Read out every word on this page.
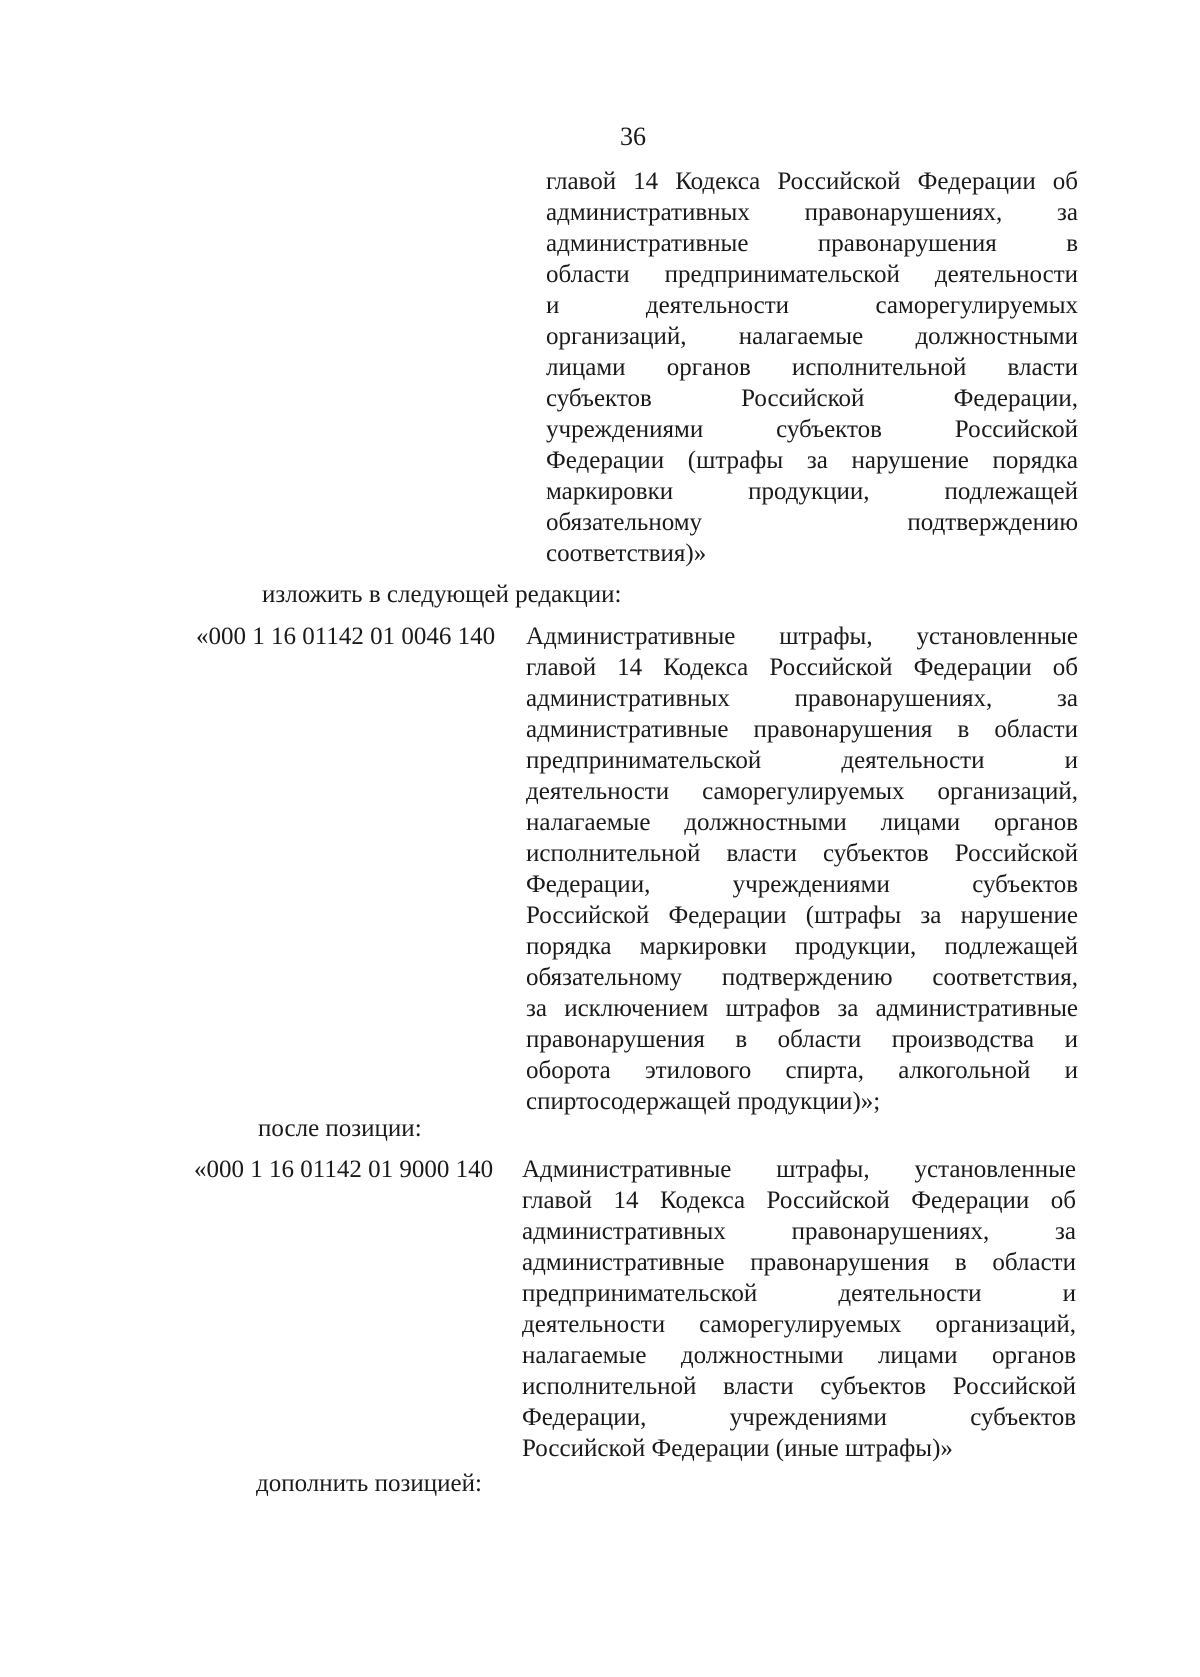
36
главой 14 Кодекса Российской Федерации об
административных правонарушениях, за
административные правонарушения в
области предпринимательской деятельности
и деятельности саморегулируемых
организаций, налагаемые должностными
лицами органов исполнительной власти
субъектов Российской Федерации,
учреждениями субъектов Российской
Федерации (штрафы за нарушение порядка
маркировки продукции, подлежащей
обязательному подтверждению
соответствия)»
изложить в следующей редакции:
«000 1 16 01142 01 0046 140 Административные штрафы, установленные
главой 14 Кодекса Российской Федерации об
административных правонарушениях, за
административные правонарушения в области
предпринимательской деятельности и
деятельности саморегулируемых организаций,
налагаемые должностными лицами органов
исполнительной власти субъектов Российской
Федерации, учреждениями субъектов
Российской Федерации (штрафы за нарушение
порядка маркировки продукции, подлежащей
обязательному подтверждению соответствия,
за исключением штрафов за административные
правонарушения в области производства и
оборота этилового спирта, алкогольной и
спиртосодержащей продукции)»;
после позиции:
«000 1 16 01142 01 9000 140 Административные штрафы, установленные
главой 14 Кодекса Российской Федерации об
административных правонарушениях, за
административные правонарушения в области
предпринимательской деятельности и
деятельности саморегулируемых организаций,
налагаемые должностными лицами органов
исполнительной власти субъектов Российской
Федерации, учреждениями субъектов
Российской Федерации (иные штрафы)»
дополнить позицией:
